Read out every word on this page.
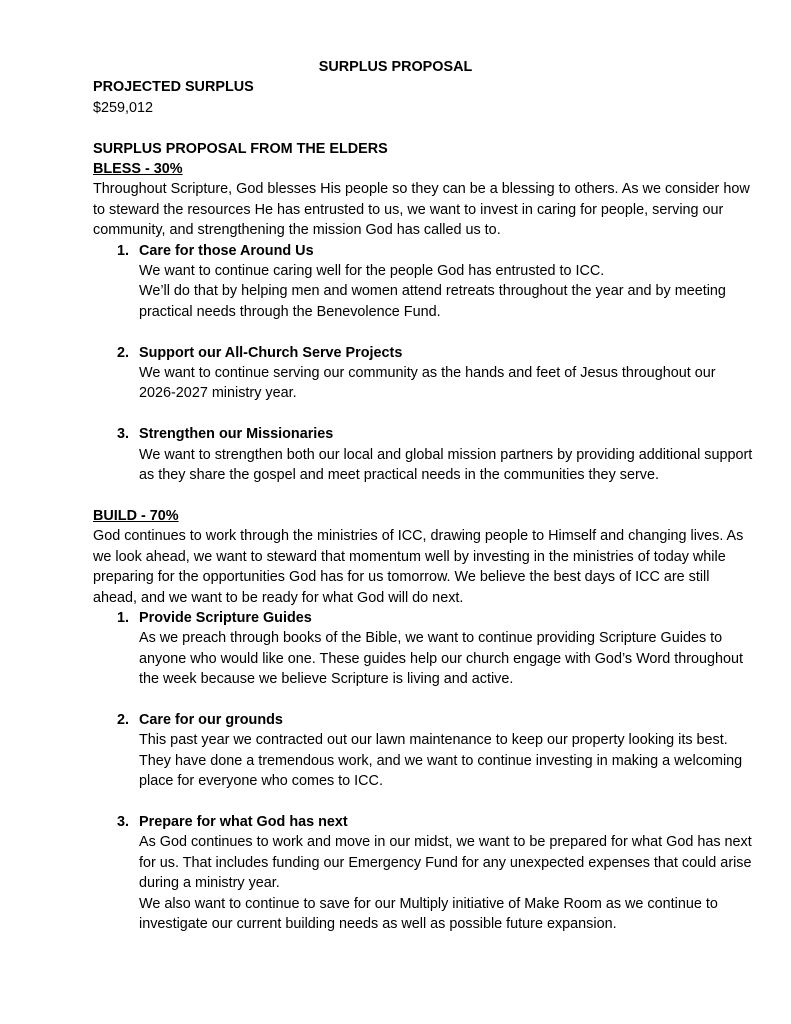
SURPLUS PROPOSAL

PROJECTED SURPLUS

$259,012

SURPLUS PROPOSAL FROM THE ELDERS

BLESS - 30%

Throughout Scripture, God blesses His people so they can be a blessing to others. As we consider how to steward the resources He has entrusted to us, we want to invest in caring for people, serving our community, and strengthening the mission God has called us to.

1. Care for those Around Us

We want to continue caring well for the people God has entrusted to ICC.

We’ll do that by helping men and women attend retreats throughout the year and by meeting practical needs through the Benevolence Fund.

2. Support our All-Church Serve Projects

We want to continue serving our community as the hands and feet of Jesus throughout our 2026-2027 ministry year.

3. Strengthen our Missionaries

We want to strengthen both our local and global mission partners by providing additional support as they share the gospel and meet practical needs in the communities they serve.

BUILD - 70%

God continues to work through the ministries of ICC, drawing people to Himself and changing lives. As we look ahead, we want to steward that momentum well by investing in the ministries of today while preparing for the opportunities God has for us tomorrow. We believe the best days of ICC are still ahead, and we want to be ready for what God will do next.

1. Provide Scripture Guides

As we preach through books of the Bible, we want to continue providing Scripture Guides to anyone who would like one. These guides help our church engage with God’s Word throughout the week because we believe Scripture is living and active.

2. Care for our grounds

This past year we contracted out our lawn maintenance to keep our property looking its best. They have done a tremendous work, and we want to continue investing in making a welcoming place for everyone who comes to ICC.

3. Prepare for what God has next

As God continues to work and move in our midst, we want to be prepared for what God has next for us. That includes funding our Emergency Fund for any unexpected expenses that could arise during a ministry year.

We also want to continue to save for our Multiply initiative of Make Room as we continue to investigate our current building needs as well as possible future expansion.
